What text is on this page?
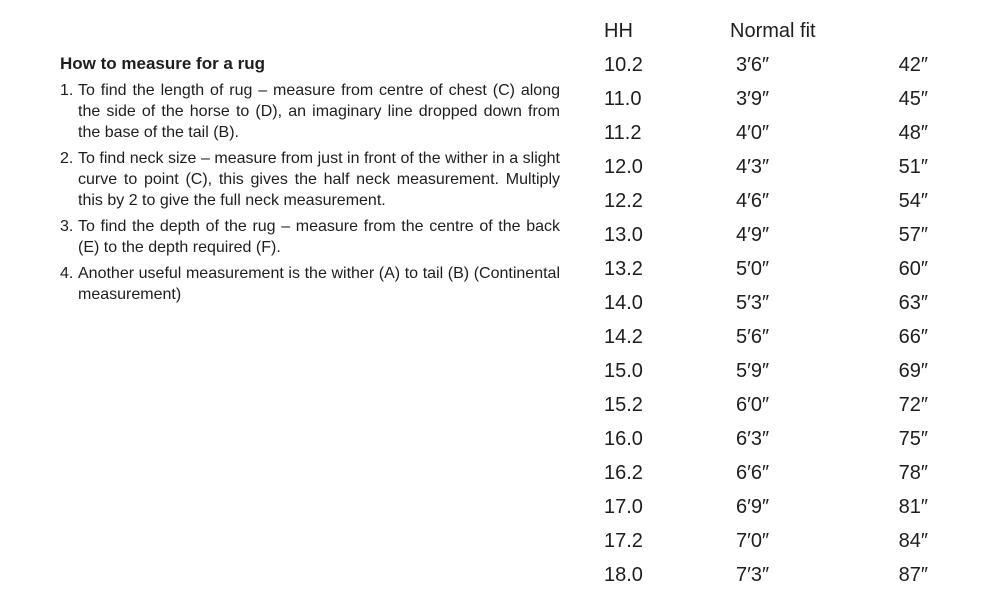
How to measure for a rug
1. To find the length of rug – measure from centre of chest (C) along the side of the horse to (D), an imaginary line dropped down from the base of the tail (B).
2. To find neck size – measure from just in front of the wither in a slight curve to point (C), this gives the half neck measurement. Multiply this by 2 to give the full neck measurement.
3. To find the depth of the rug – measure from the centre of the back (E) to the depth required (F).
4. Another useful measurement is the wither (A) to tail (B) (Continental measurement)
HH	Normal fit	
10.2	3′6″	42″
11.0	3′9″	45″
11.2	4′0″	48″
12.0	4′3″	51″
12.2	4′6″	54″
13.0	4′9″	57″
13.2	5′0″	60″
14.0	5′3″	63″
14.2	5′6″	66″
15.0	5′9″	69″
15.2	6′0″	72″
16.0	6′3″	75″
16.2	6′6″	78″
17.0	6′9″	81″
17.2	7′0″	84″
18.0	7′3″	87″
